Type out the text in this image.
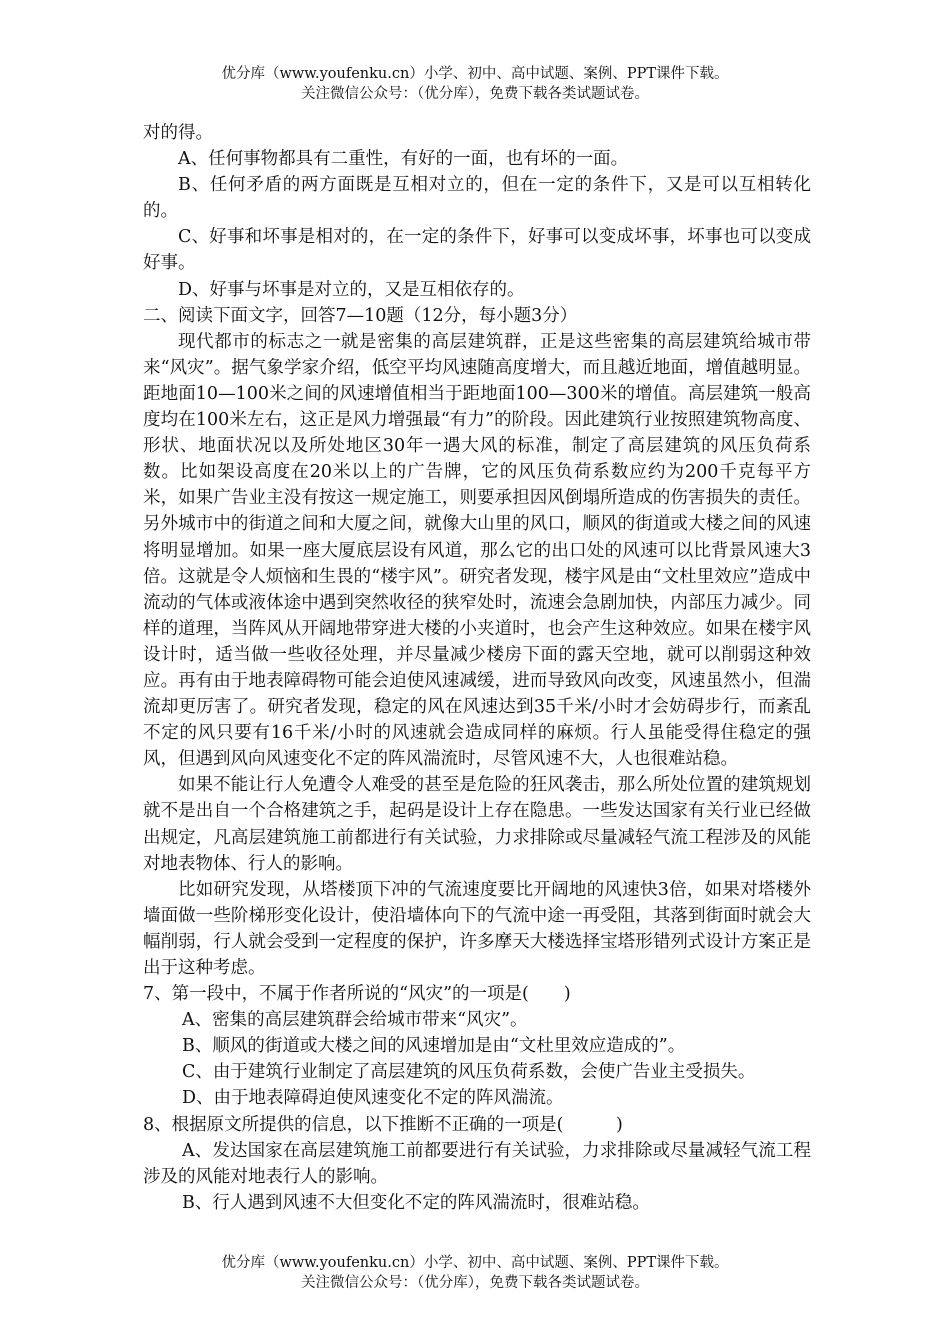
优分库（www.youfenku.cn）小学、初中、高中试题、案例、PPT课件下载。
关注微信公众号：（优分库），免费下载各类试题试卷。

对的得。

A、任何事物都具有二重性，有好的一面，也有坏的一面。

B、任何矛盾的两方面既是互相对立的，但在一定的条件下，又是可以互相转化的。

C、好事和坏事是相对的，在一定的条件下，好事可以变成坏事，坏事也可以变成好事。

D、好事与坏事是对立的，又是互相依存的。

二、阅读下面文字，回答7—10题（12分，每小题3分）

现代都市的标志之一就是密集的高层建筑群，正是这些密集的高层建筑给城市带来“风灾”。据气象学家介绍，低空平均风速随高度增大，而且越近地面，增值越明显。距地面10—100米之间的风速增值相当于距地面100—300米的增值。高层建筑一般高度均在100米左右，这正是风力增强最“有力”的阶段。因此建筑行业按照建筑物高度、形状、地面状况以及所处地区30年一遇大风的标准，制定了高层建筑的风压负荷系数。比如架设高度在20米以上的广告牌，它的风压负荷系数应约为200千克每平方米，如果广告业主没有按这一规定施工，则要承担因风倒塌所造成的伤害损失的责任。另外城市中的街道之间和大厦之间，就像大山里的风口，顺风的街道或大楼之间的风速将明显增加。如果一座大厦底层设有风道，那么它的出口处的风速可以比背景风速大3倍。这就是令人烦恼和生畏的“楼宇风”。研究者发现，楼宇风是由“文杜里效应”造成中流动的气体或液体途中遇到突然收径的狭窄处时，流速会急剧加快，内部压力减少。同样的道理，当阵风从开阔地带穿进大楼的小夹道时，也会产生这种效应。如果在楼宇风设计时，适当做一些收径处理，并尽量减少楼房下面的露天空地，就可以削弱这种效应。再有由于地表障碍物可能会迫使风速减缓，进而导致风向改变，风速虽然小，但湍流却更厉害了。研究者发现，稳定的风在风速达到35千米/小时才会妨碍步行，而紊乱不定的风只要有16千米/小时的风速就会造成同样的麻烦。行人虽能受得住稳定的强风，但遇到风向风速变化不定的阵风湍流时，尽管风速不大，人也很难站稳。

如果不能让行人免遭令人难受的甚至是危险的狂风袭击，那么所处位置的建筑规划就不是出自一个合格建筑之手，起码是设计上存在隐患。一些发达国家有关行业已经做出规定，凡高层建筑施工前都进行有关试验，力求排除或尽量减轻气流工程涉及的风能对地表物体、行人的影响。

比如研究发现，从塔楼顶下冲的气流速度要比开阔地的风速快3倍，如果对塔楼外墙面做一些阶梯形变化设计，使沿墙体向下的气流中途一再受阻，其落到街面时就会大幅削弱，行人就会受到一定程度的保护，许多摩天大楼选择宝塔形错列式设计方案正是出于这种考虑。

7、第一段中，不属于作者所说的“风灾”的一项是(　　)

A、密集的高层建筑群会给城市带来“风灾”。

B、顺风的街道或大楼之间的风速增加是由“文杜里效应造成的”。

C、由于建筑行业制定了高层建筑的风压负荷系数，会使广告业主受损失。

D、由于地表障碍迫使风速变化不定的阵风湍流。

8、根据原文所提供的信息，以下推断不正确的一项是(　　　)

A、发达国家在高层建筑施工前都要进行有关试验，力求排除或尽量减轻气流工程涉及的风能对地表行人的影响。

B、行人遇到风速不大但变化不定的阵风湍流时，很难站稳。

优分库（www.youfenku.cn）小学、初中、高中试题、案例、PPT课件下载。
关注微信公众号：（优分库），免费下载各类试题试卷。
